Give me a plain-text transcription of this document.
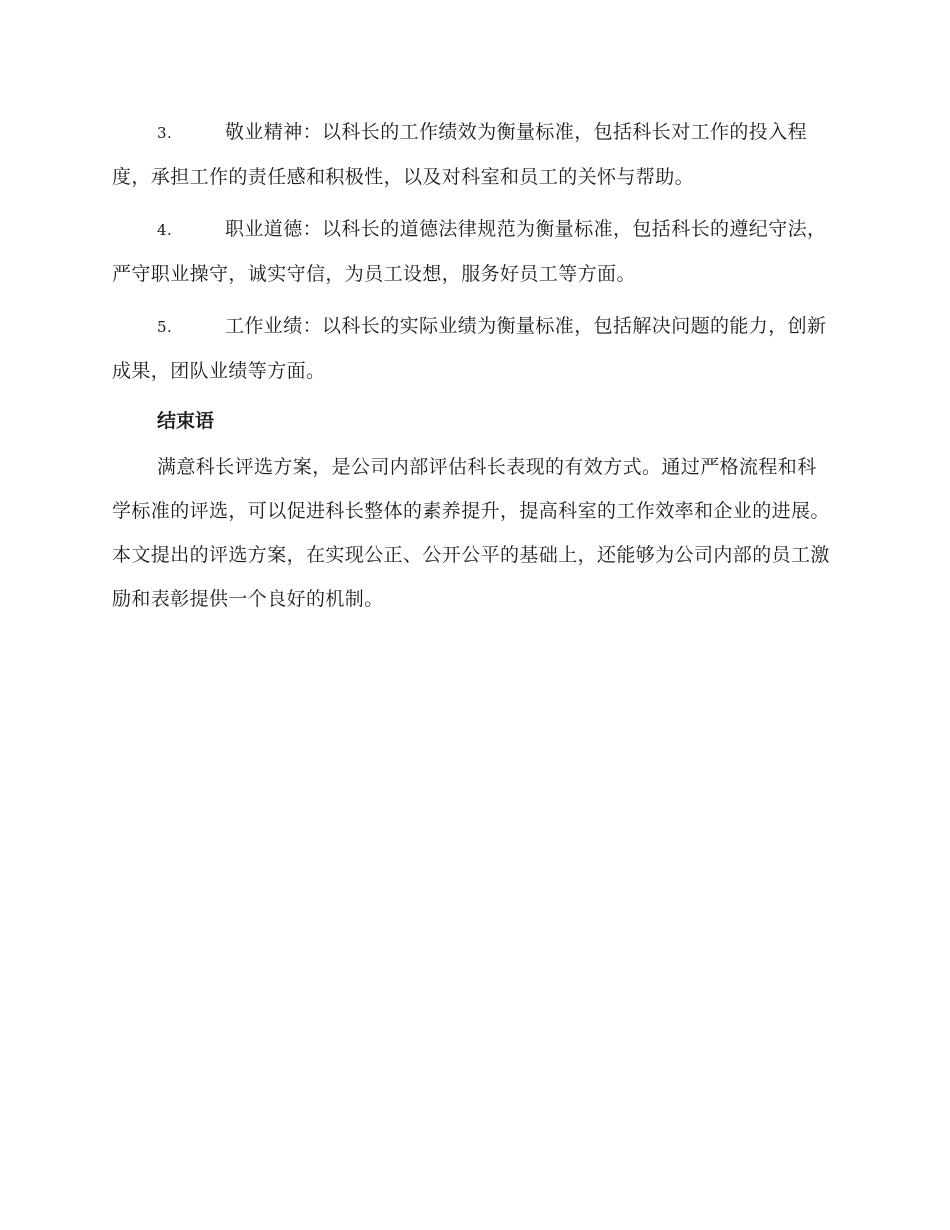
3.	敬业精神：以科长的工作绩效为衡量标准，包括科长对工作的投入程度，承担工作的责任感和积极性，以及对科室和员工的关怀与帮助。

4.	职业道德：以科长的道德法律规范为衡量标准，包括科长的遵纪守法，严守职业操守，诚实守信，为员工设想，服务好员工等方面。

5.	工作业绩：以科长的实际业绩为衡量标准，包括解决问题的能力，创新成果，团队业绩等方面。

结束语

满意科长评选方案，是公司内部评估科长表现的有效方式。通过严格流程和科学标准的评选，可以促进科长整体的素养提升，提高科室的工作效率和企业的进展。本文提出的评选方案，在实现公正、公开公平的基础上，还能够为公司内部的员工激励和表彰提供一个良好的机制。
